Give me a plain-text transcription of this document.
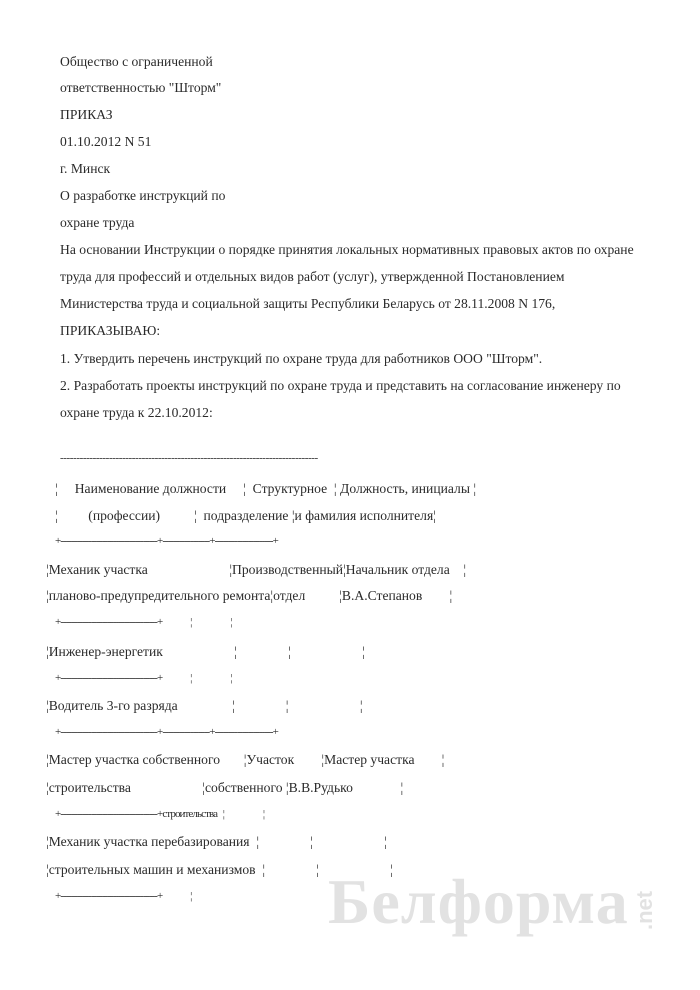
Общество с ограниченной
ответственностью "Шторм"
ПРИКАЗ
01.10.2012 N 51
г. Минск
О разработке инструкций по
охране труда
На основании Инструкции о порядке принятия локальных нормативных правовых актов по охране
труда для профессий и отдельных видов работ (услуг), утвержденной Постановлением
Министерства труда и социальной защиты Республики Беларусь от 28.11.2008 N 176,
ПРИКАЗЫВАЮ:
1. Утвердить перечень инструкций по охране труда для работников ООО "Шторм".
2. Разработать проекты инструкций по охране труда и представить на согласование инженеру по
охране труда к 22.10.2012:
-------------------------------------------------------------------------------
¦     Наименование должности     ¦  Структурное  ¦ Должность, инициалы ¦
¦         (профессии)          ¦  подразделение ¦и фамилия исполнителя¦
+-----------------------------------+-----------------+---------------------+
¦Механик участка                        ¦Производственный¦Начальник отдела    ¦
¦планово-предупредительного ремонта¦отдел          ¦В.А.Степанов        ¦
+-----------------------------------+               ¦                     ¦
¦Инженер-энергетик                     ¦               ¦                     ¦
+-----------------------------------+               ¦                     ¦
¦Водитель 3-го разряда                ¦               ¦                     ¦
+-----------------------------------+-----------------+---------------------+
¦Мастер участка собственного       ¦Участок        ¦Мастер участка        ¦
¦строительства                     ¦собственного ¦В.В.Рудько              ¦
+-----------------------------------+строительства   ¦                     ¦
¦Механик участка перебазирования  ¦               ¦                     ¦
¦строительных машин и механизмов  ¦               ¦                     ¦
+-----------------------------------+               ¦ Белформа .net
